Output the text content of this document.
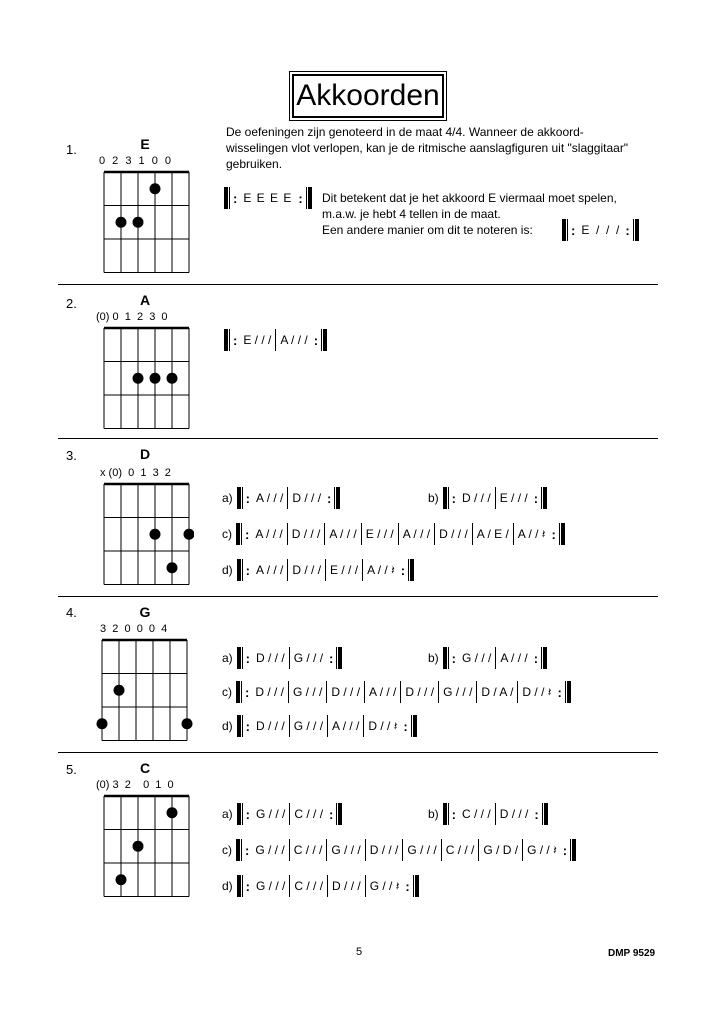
Akkoorden
De oefeningen zijn genoteerd in de maat 4/4. Wanneer de akkoord-
wisselingen vlot verlopen, kan je de ritmische aanslagfiguren uit "slaggitaar"
gebruiken.
: E E E E : Dit betekent dat je het akkoord E viermaal moet spelen,
m.a.w. je hebt 4 tellen in de maat.
Een andere manier om dit te noteren is:	: E  /  /  / :
1.	E
0 2 3 1 0 0
2.	A
(0) 0  1  2  3  0
3.	D
x (0)  0  1  3  2
4.	G
3  2  0  0  0  4
5.	C
(0) 3  2    0  1  0
: E / / / A / / / :
a) : A / / / D / / / :	b) : D / / / E / / / :
c) : A / / / D / / / A / / / E / / / A / / / D / / / A / E / A / / 𝄽 :
d) : A / / / D / / / E / / / A / / 𝄽 :
a) : D / / / G / / / :	b) : G / / / A / / / :
c) : D / / / G / / / D / / / A / / / D / / / G / / / D / A / D / / 𝄽 :
d) : D / / / G / / / A / / / D / / 𝄽 :
a) : G / / / C / / / :	b) : C / / / D / / / :
c) : G / / / C / / / G / / / D / / / G / / / C / / / G / D / G / / 𝄽 :
d) : G / / / C / / / D / / / G / / 𝄽 :
5	DMP 9529
